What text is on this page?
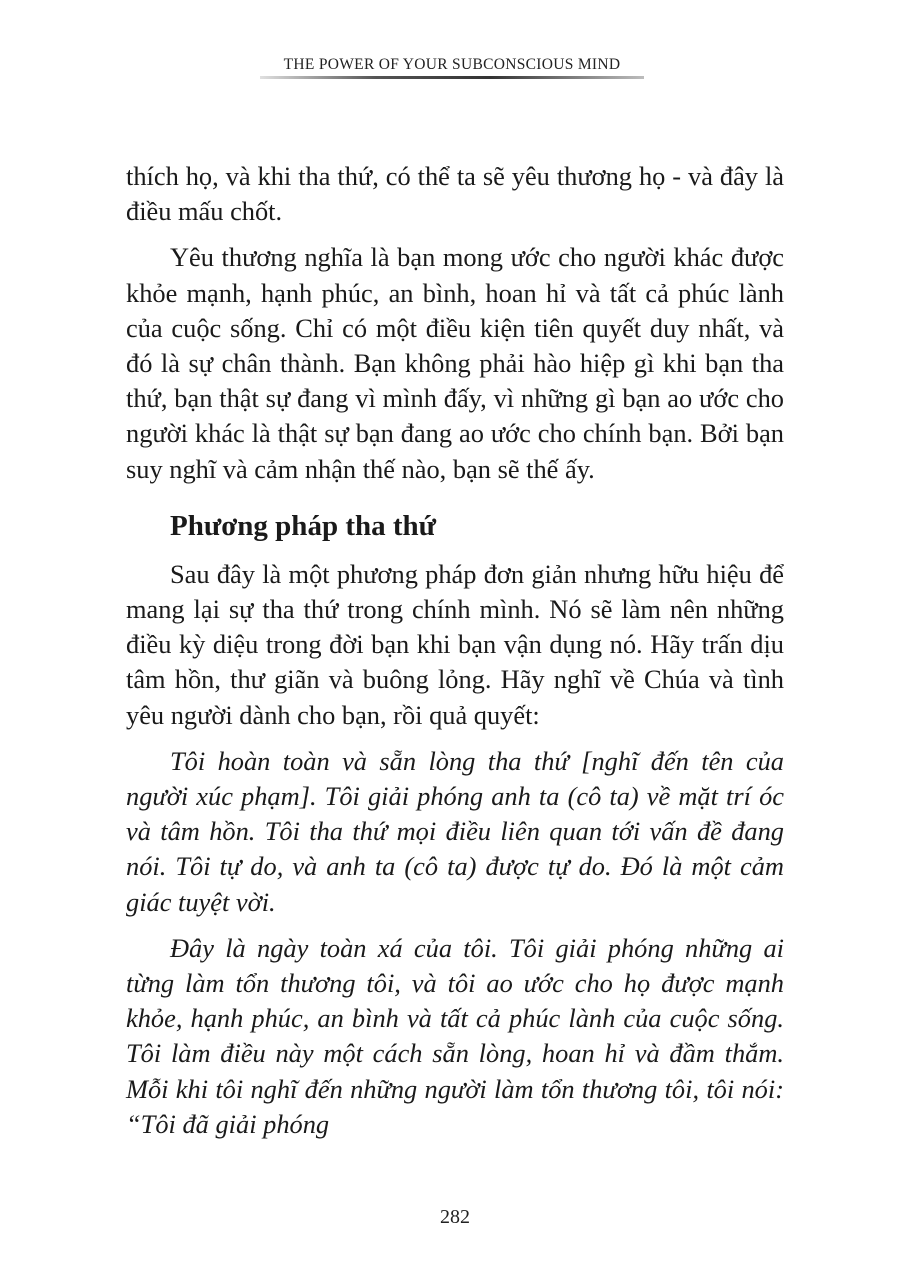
THE POWER OF YOUR SUBCONSCIOUS MIND

thích họ, và khi tha thứ, có thể ta sẽ yêu thương họ - và đây là điều mấu chốt.

Yêu thương nghĩa là bạn mong ước cho người khác được khỏe mạnh, hạnh phúc, an bình, hoan hỉ và tất cả phúc lành của cuộc sống. Chỉ có một điều kiện tiên quyết duy nhất, và đó là sự chân thành. Bạn không phải hào hiệp gì khi bạn tha thứ, bạn thật sự đang vì mình đấy, vì những gì bạn ao ước cho người khác là thật sự bạn đang ao ước cho chính bạn. Bởi bạn suy nghĩ và cảm nhận thế nào, bạn sẽ thế ấy.

Phương pháp tha thứ

Sau đây là một phương pháp đơn giản nhưng hữu hiệu để mang lại sự tha thứ trong chính mình. Nó sẽ làm nên những điều kỳ diệu trong đời bạn khi bạn vận dụng nó. Hãy trấn dịu tâm hồn, thư giãn và buông lỏng. Hãy nghĩ về Chúa và tình yêu người dành cho bạn, rồi quả quyết:

Tôi hoàn toàn và sẵn lòng tha thứ [nghĩ đến tên của người xúc phạm]. Tôi giải phóng anh ta (cô ta) về mặt trí óc và tâm hồn. Tôi tha thứ mọi điều liên quan tới vấn đề đang nói. Tôi tự do, và anh ta (cô ta) được tự do. Đó là một cảm giác tuyệt vời.

Đây là ngày toàn xá của tôi. Tôi giải phóng những ai từng làm tổn thương tôi, và tôi ao ước cho họ được mạnh khỏe, hạnh phúc, an bình và tất cả phúc lành của cuộc sống. Tôi làm điều này một cách sẵn lòng, hoan hỉ và đầm thắm. Mỗi khi tôi nghĩ đến những người làm tổn thương tôi, tôi nói: “Tôi đã giải phóng

282
